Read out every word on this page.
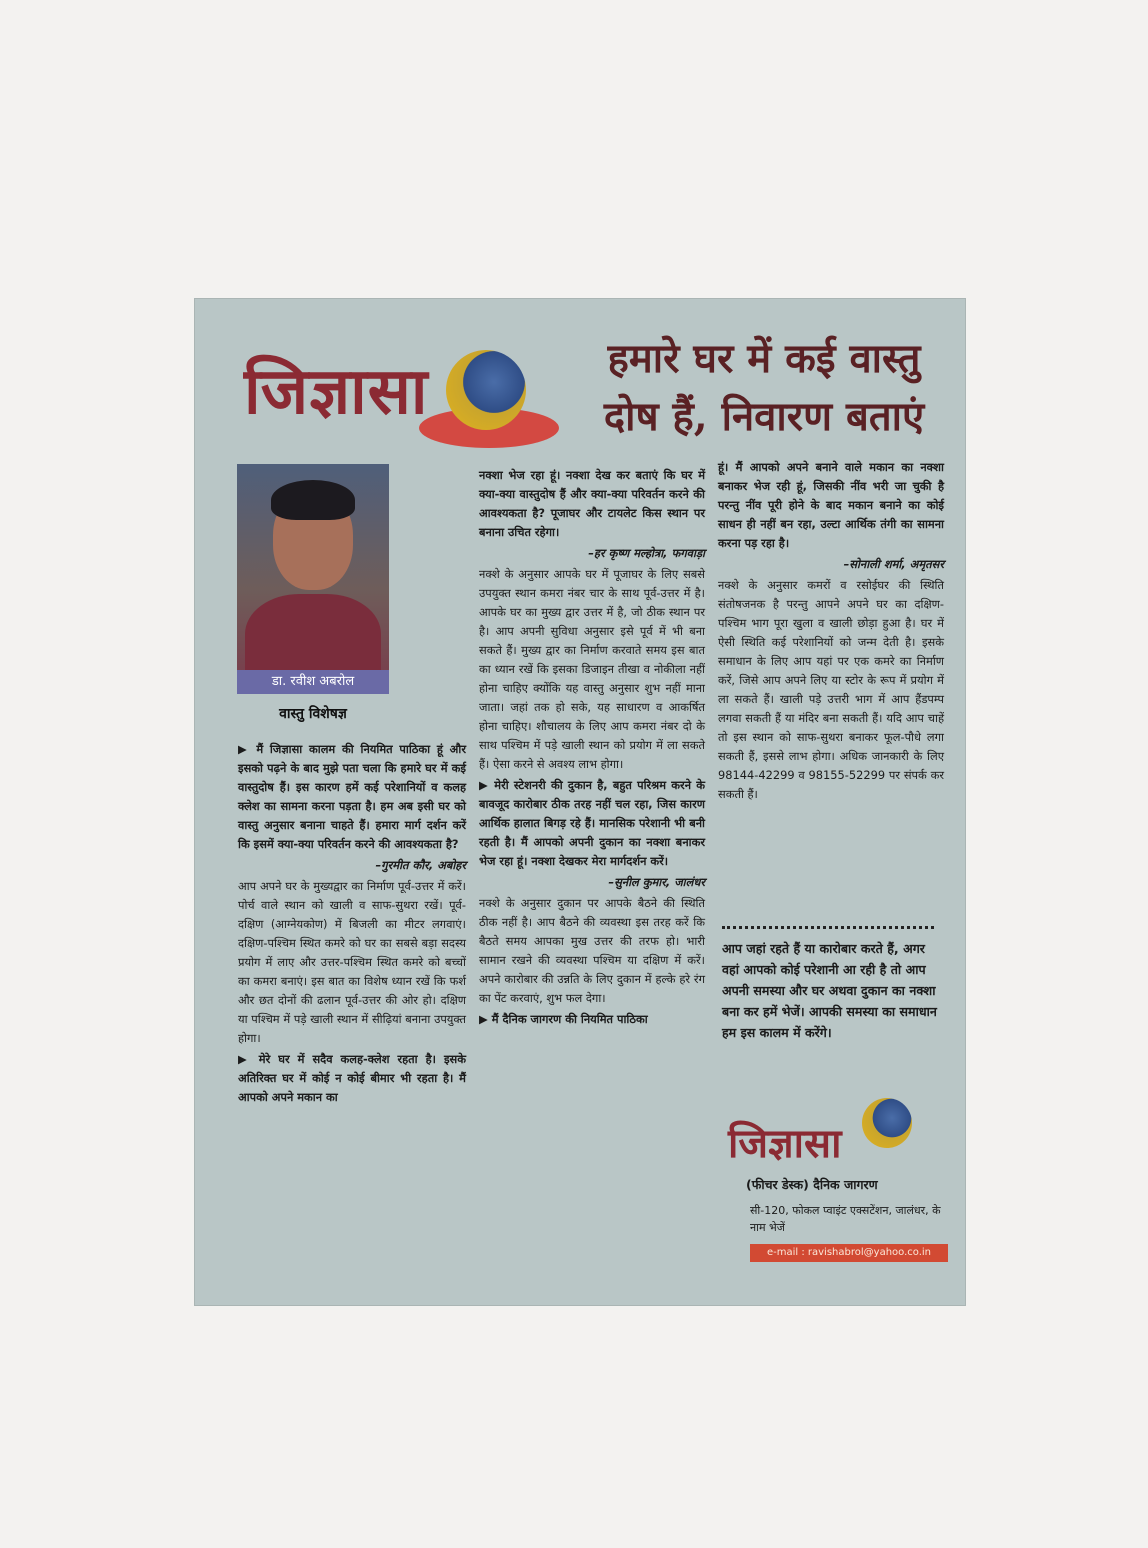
जिज्ञासा	हमारे घर में कई वास्तु
दोष हैं, निवारण बताएं
डा. रवीश अबरोल
वास्तु विशेषज्ञ

▶ मैं जिज्ञासा कालम की नियमित पाठिका हूं और इसको पढ़ने के बाद मुझे पता चला कि हमारे घर में कई वास्तुदोष हैं। इस कारण हमें कई परेशानियों व कलह क्लेश का सामना करना पड़ता है। हम अब इसी घर को वास्तु अनुसार बनाना चाहते हैं। हमारा मार्ग दर्शन करें कि इसमें क्या-क्या परिवर्तन करने की आवश्यकता है?

–गुरमीत कौर, अबोहर

आप अपने घर के मुख्यद्वार का निर्माण पूर्व-उत्तर में करें। पोर्च वाले स्थान को खाली व साफ-सुथरा रखें। पूर्व-दक्षिण (आग्नेयकोण) में बिजली का मीटर लगवाएं। दक्षिण-पश्चिम स्थित कमरे को घर का सबसे बड़ा सदस्य प्रयोग में लाए और उत्तर-पश्चिम स्थित कमरे को बच्चों का कमरा बनाएं। इस बात का विशेष ध्यान रखें कि फर्श और छत दोनों की ढलान पूर्व-उत्तर की ओर हो। दक्षिण या पश्चिम में पड़े खाली स्थान में सीढ़ियां बनाना उपयुक्त होगा।

▶ मेरे घर में सदैव कलह-क्लेश रहता है। इसके अतिरिक्त घर में कोई न कोई बीमार भी रहता है। मैं आपको अपने मकान का

नक्शा भेज रहा हूं। नक्शा देख कर बताएं कि घर में क्या-क्या वास्तुदोष हैं और क्या-क्या परिवर्तन करने की आवश्यकता है? पूजाघर और टायलेट किस स्थान पर बनाना उचित रहेगा।

–हर कृष्ण मल्होत्रा, फगवाड़ा

नक्शे के अनुसार आपके घर में पूजाघर के लिए सबसे उपयुक्त स्थान कमरा नंबर चार के साथ पूर्व-उत्तर में है। आपके घर का मुख्य द्वार उत्तर में है, जो ठीक स्थान पर है। आप अपनी सुविधा अनुसार इसे पूर्व में भी बना सकते हैं। मुख्य द्वार का निर्माण करवाते समय इस बात का ध्यान रखें कि इसका डिजाइन तीखा व नोकीला नहीं होना चाहिए क्योंकि यह वास्तु अनुसार शुभ नहीं माना जाता। जहां तक हो सके, यह साधारण व आकर्षित होना चाहिए। शौचालय के लिए आप कमरा नंबर दो के साथ पश्चिम में पड़े खाली स्थान को प्रयोग में ला सकते हैं। ऐसा करने से अवश्य लाभ होगा।

▶ मेरी स्टेशनरी की दुकान है, बहुत परिश्रम करने के बावजूद कारोबार ठीक तरह नहीं चल रहा, जिस कारण आर्थिक हालात बिगड़ रहे हैं। मानसिक परेशानी भी बनी रहती है। मैं आपको अपनी दुकान का नक्शा बनाकर भेज रहा हूं। नक्शा देखकर मेरा मार्गदर्शन करें।

–सुनील कुमार, जालंधर

नक्शे के अनुसार दुकान पर आपके बैठने की स्थिति ठीक नहीं है। आप बैठने की व्यवस्था इस तरह करें कि बैठते समय आपका मुख उत्तर की तरफ हो। भारी सामान रखने की व्यवस्था पश्चिम या दक्षिण में करें। अपने कारोबार की उन्नति के लिए दुकान में हल्के हरे रंग का पेंट करवाएं, शुभ फल देगा।

▶ मैं दैनिक जागरण की नियमित पाठिका

हूं। मैं आपको अपने बनाने वाले मकान का नक्शा बनाकर भेज रही हूं, जिसकी नींव भरी जा चुकी है परन्तु नींव पूरी होने के बाद मकान बनाने का कोई साधन ही नहीं बन रहा, उल्टा आर्थिक तंगी का सामना करना पड़ रहा है।

–सोनाली शर्मा, अमृतसर

नक्शे के अनुसार कमरों व रसोईघर की स्थिति संतोषजनक है परन्तु आपने अपने घर का दक्षिण-पश्चिम भाग पूरा खुला व खाली छोड़ा हुआ है। घर में ऐसी स्थिति कई परेशानियों को जन्म देती है। इसके समाधान के लिए आप यहां पर एक कमरे का निर्माण करें, जिसे आप अपने लिए या स्टोर के रूप में प्रयोग में ला सकते हैं। खाली पड़े उत्तरी भाग में आप हैंडपम्प लगवा सकती हैं या मंदिर बना सकती हैं। यदि आप चाहें तो इस स्थान को साफ-सुथरा बनाकर फूल-पौधे लगा सकती हैं, इससे लाभ होगा। अधिक जानकारी के लिए 98144-42299 व 98155-52299 पर संपर्क कर सकती हैं।

आप जहां रहते हैं या कारोबार करते हैं, अगर वहां आपको कोई परेशानी आ रही है तो आप अपनी समस्या और घर अथवा दुकान का नक्शा बना कर हमें भेजें। आपकी समस्या का समाधान हम इस कालम में करेंगे।
जिज्ञासा
(फीचर डेस्क) दैनिक जागरण
सी-120, फोकल प्वाइंट एक्सटेंशन, जालंधर, के नाम भेजें
e-mail : ravishabrol@yahoo.co.in
